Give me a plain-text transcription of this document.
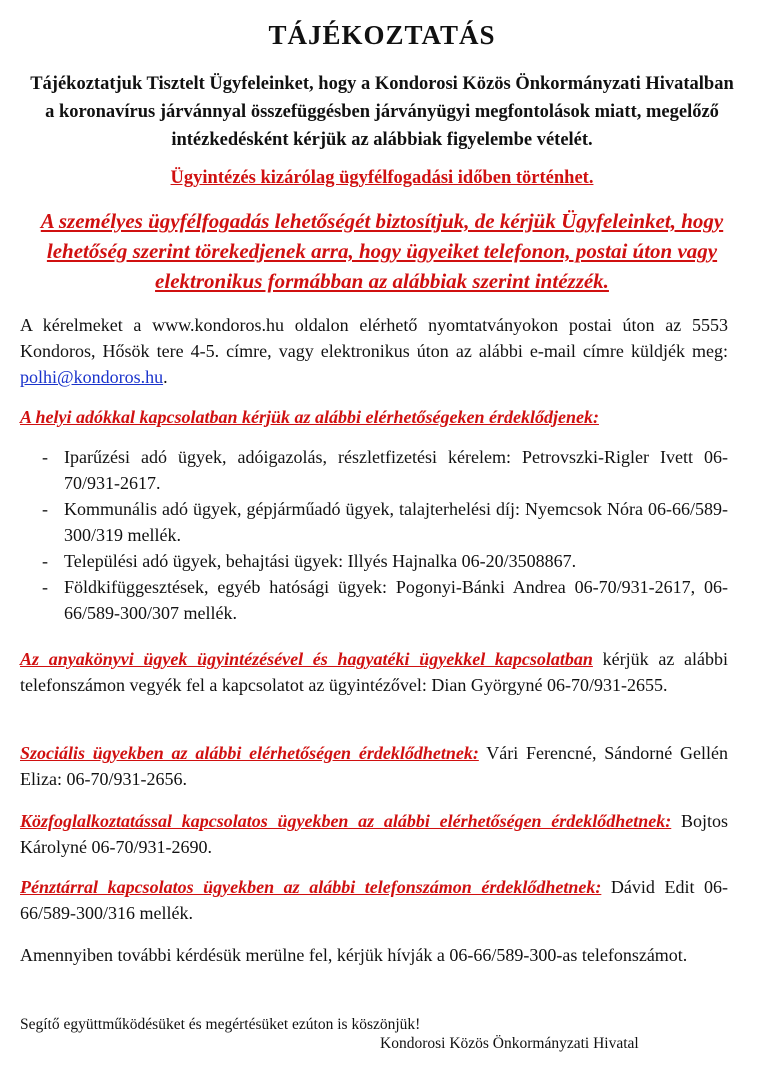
TÁJÉKOZTATÁS
Tájékoztatjuk Tisztelt Ügyfeleinket, hogy a Kondorosi Közös Önkormányzati Hivatalban a koronavírus járvánnyal összefüggésben járványügyi megfontolások miatt, megelőző intézkedésként kérjük az alábbiak figyelembe vételét.
Ügyintézés kizárólag ügyfélfogadási időben történhet.
A személyes ügyfélfogadás lehetőségét biztosítjuk, de kérjük Ügyfeleinket, hogy lehetőség szerint törekedjenek arra, hogy ügyeiket telefonon, postai úton vagy elektronikus formábban az alábbiak szerint intézzék.
A kérelmeket a www.kondoros.hu oldalon elérhető nyomtatványokon postai úton az 5553 Kondoros, Hősök tere 4-5. címre, vagy elektronikus úton az alábbi e-mail címre küldjék meg: polhi@kondoros.hu.
A helyi adókkal kapcsolatban kérjük az alábbi elérhetőségeken érdeklődjenek:
- Iparűzési adó ügyek, adóigazolás, részletfizetési kérelem: Petrovszki-Rigler Ivett 06-70/931-2617.
- Kommunális adó ügyek, gépjárműadó ügyek, talajterhelési díj: Nyemcsok Nóra 06-66/589-300/319 mellék.
- Települési adó ügyek, behajtási ügyek: Illyés Hajnalka 06-20/3508867.
- Földkifüggesztések, egyéb hatósági ügyek: Pogonyi-Bánki Andrea 06-70/931-2617, 06-66/589-300/307 mellék.
Az anyakönyvi ügyek ügyintézésével és hagyatéki ügyekkel kapcsolatban kérjük az alábbi telefonszámon vegyék fel a kapcsolatot az ügyintézővel: Dian Györgyné 06-70/931-2655.
Szociális ügyekben az alábbi elérhetőségen érdeklődhetnek: Vári Ferencné, Sándorné Gellén Eliza: 06-70/931-2656.
Közfoglalkoztatással kapcsolatos ügyekben az alábbi elérhetőségen érdeklődhetnek: Bojtos Károlyné 06-70/931-2690.
Pénztárral kapcsolatos ügyekben az alábbi telefonszámon érdeklődhetnek: Dávid Edit 06-66/589-300/316 mellék.
Amennyiben további kérdésük merülne fel, kérjük hívják a 06-66/589-300-as telefonszámot.
Segítő együttműködésüket és megértésüket ezúton is köszönjük!
Kondorosi Közös Önkormányzati Hivatal
